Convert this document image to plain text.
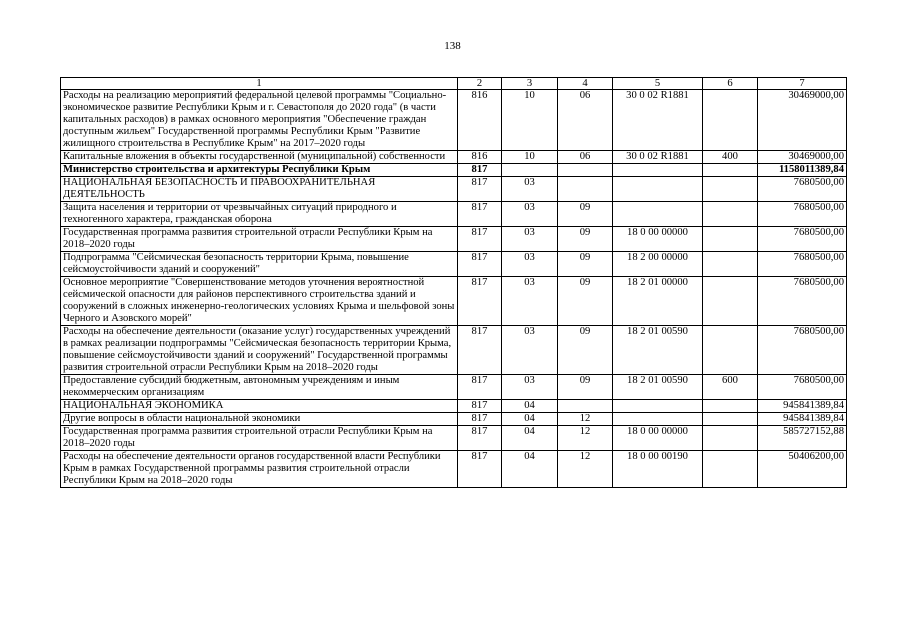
138
1	2	3	4	5	6	7
Расходы на реализацию мероприятий федеральной целевой программы "Социально-экономическое развитие Республики Крым и г. Севастополя до 2020 года" (в части капитальных расходов) в рамках основного мероприятия "Обеспечение граждан доступным жильем" Государственной программы Республики Крым "Развитие жилищного строительства в Республике Крым" на 2017–2020 годы	816	10	06	30 0 02 R1881		30469000,00
Капитальные вложения в объекты государственной (муниципальной) собственности	816	10	06	30 0 02 R1881	400	30469000,00
Министерство строительства и архитектуры Республики Крым	817					1158011389,84
НАЦИОНАЛЬНАЯ БЕЗОПАСНОСТЬ И ПРАВООХРАНИТЕЛЬНАЯ ДЕЯТЕЛЬНОСТЬ	817	03				7680500,00
Защита населения и территории от чрезвычайных ситуаций природного и техногенного характера, гражданская оборона	817	03	09			7680500,00
Государственная программа развития строительной отрасли Республики Крым на 2018–2020 годы	817	03	09	18 0 00 00000		7680500,00
Подпрограмма "Сейсмическая безопасность территории Крыма, повышение сейсмоустойчивости зданий и сооружений"	817	03	09	18 2 00 00000		7680500,00
Основное мероприятие "Совершенствование методов уточнения вероятностной сейсмической опасности для районов перспективного строительства зданий и сооружений в сложных инженерно-геологических условиях Крыма и шельфовой зоны Черного и Азовского морей"	817	03	09	18 2 01 00000		7680500,00
Расходы на обеспечение деятельности (оказание услуг) государственных учреждений в рамках реализации подпрограммы "Сейсмическая безопасность территории Крыма, повышение сейсмоустойчивости зданий и сооружений" Государственной программы развития строительной отрасли Республики Крым на 2018–2020 годы	817	03	09	18 2 01 00590		7680500,00
Предоставление субсидий бюджетным, автономным учреждениям и иным некоммерческим организациям	817	03	09	18 2 01 00590	600	7680500,00
НАЦИОНАЛЬНАЯ ЭКОНОМИКА	817	04				945841389,84
Другие вопросы в области национальной экономики	817	04	12			945841389,84
Государственная программа развития строительной отрасли Республики Крым на 2018–2020 годы	817	04	12	18 0 00 00000		585727152,88
Расходы на обеспечение деятельности органов государственной власти Республики Крым в рамках Государственной программы развития строительной отрасли Республики Крым на 2018–2020 годы	817	04	12	18 0 00 00190		50406200,00
